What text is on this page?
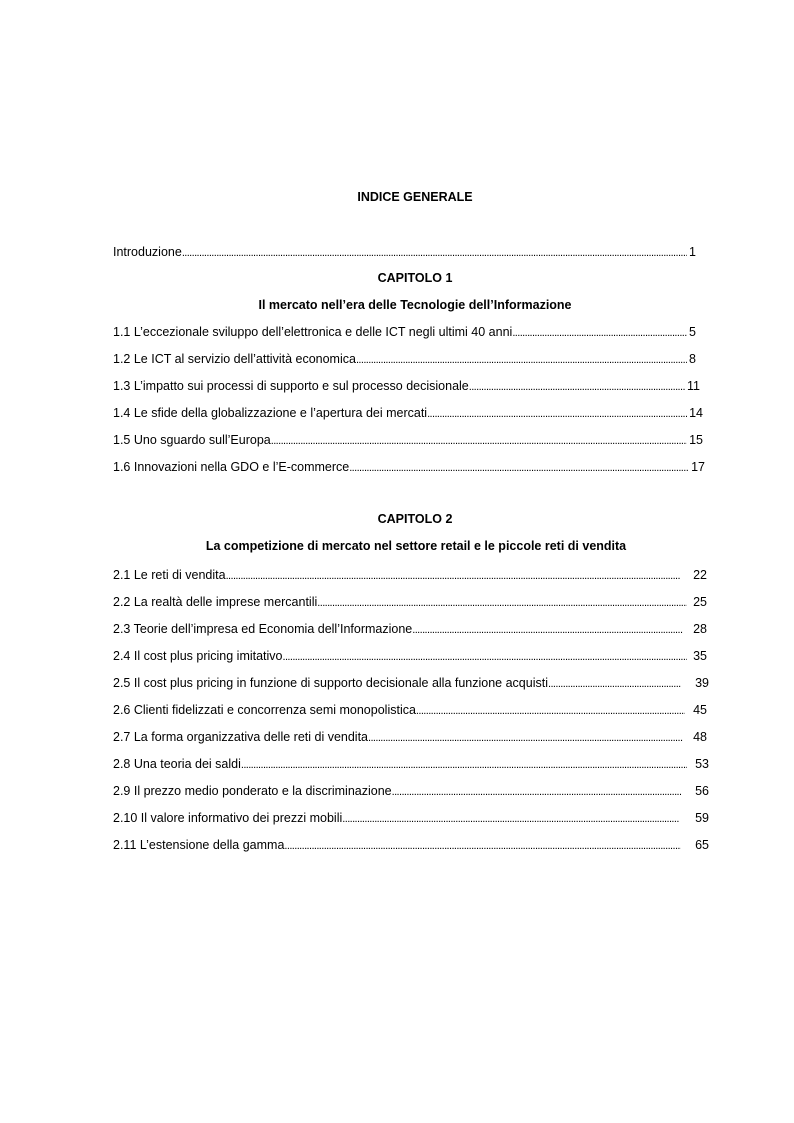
INDICE GENERALE
Introduzione .....	1
CAPITOLO 1
Il mercato nell’era delle Tecnologie dell’Informazione
1.1 L’eccezionale sviluppo dell’elettronica e delle ICT negli ultimi 40 anni .....	5
1.2 Le ICT al servizio dell’attività economica .....	8
1.3 L’impatto sui processi di supporto e sul processo decisionale .....	11
1.4 Le sfide della globalizzazione e l’apertura dei mercati .....	14
1.5 Uno sguardo sull’Europa .....	15
1.6 Innovazioni nella GDO e l’E-commerce .....	17
CAPITOLO 2
La competizione di mercato nel settore retail e le piccole reti di vendita
2.1 Le reti di vendita .....	22
2.2 La realtà delle imprese mercantili .....	25
2.3 Teorie dell’impresa ed Economia dell’Informazione .....	28
2.4 Il cost plus pricing imitativo .....	35
2.5 Il cost plus pricing in funzione di supporto decisionale alla funzione acquisti .....	39
2.6 Clienti fidelizzati e concorrenza semi monopolistica .....	45
2.7 La forma organizzativa delle reti di vendita .....	48
2.8 Una teoria dei saldi .....	53
2.9 Il prezzo medio ponderato e la discriminazione .....	56
2.10 Il valore informativo dei prezzi mobili .....	59
2.11 L’estensione della gamma .....	65
